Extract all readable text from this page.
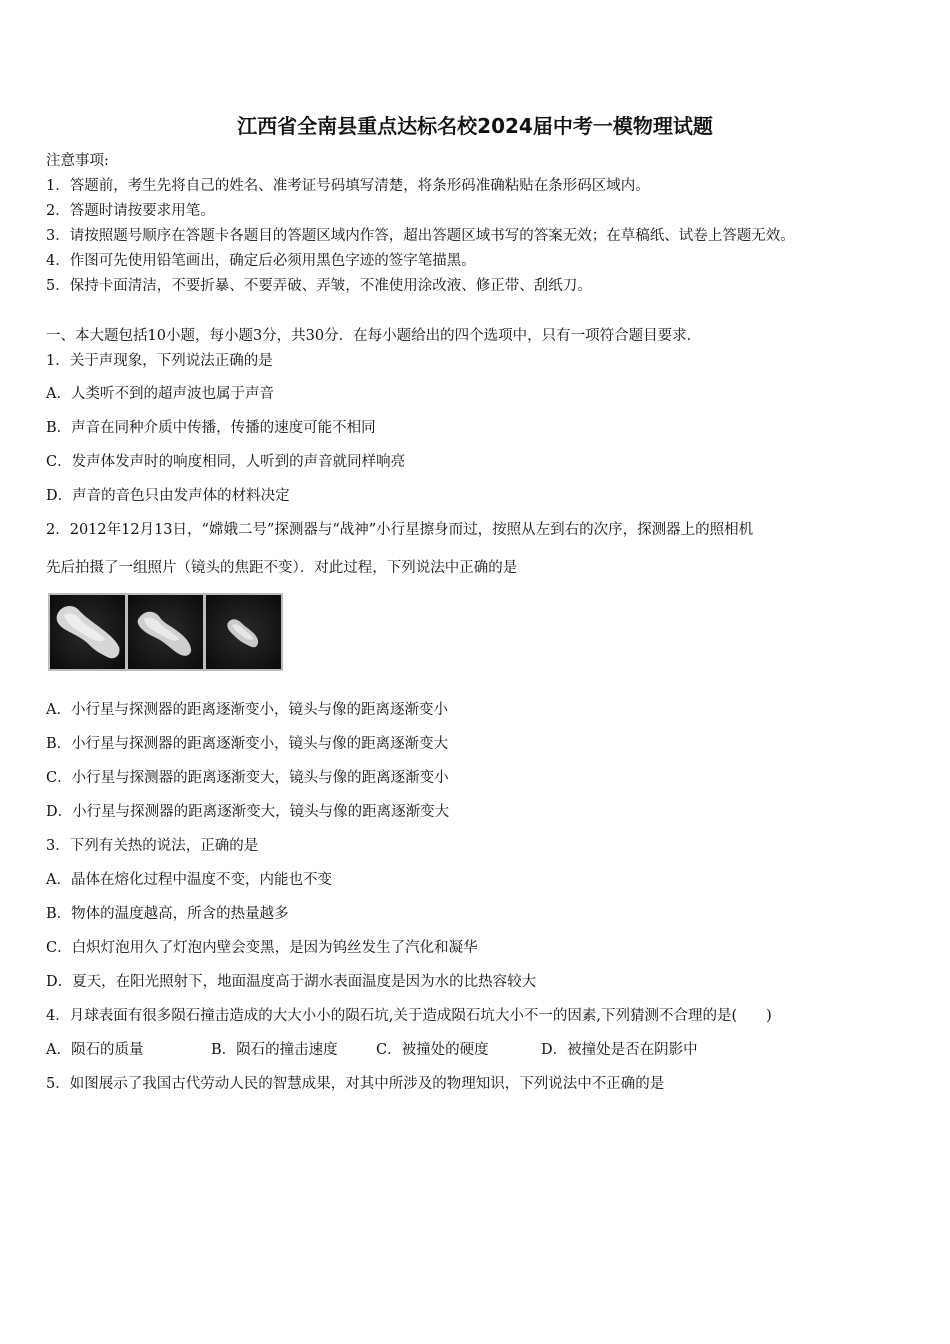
江西省全南县重点达标名校2024届中考一模物理试题
注意事项:
1．答题前，考生先将自己的姓名、准考证号码填写清楚，将条形码准确粘贴在条形码区域内。
2．答题时请按要求用笔。
3．请按照题号顺序在答题卡各题目的答题区域内作答，超出答题区域书写的答案无效；在草稿纸、试卷上答题无效。
4．作图可先使用铅笔画出，确定后必须用黑色字迹的签字笔描黑。
5．保持卡面清洁，不要折暴、不要弄破、弄皱，不准使用涂改液、修正带、刮纸刀。
一、本大题包括10小题，每小题3分，共30分．在每小题给出的四个选项中，只有一项符合题目要求．
1．关于声现象，下列说法正确的是
A．人类听不到的超声波也属于声音
B．声音在同种介质中传播，传播的速度可能不相同
C．发声体发声时的响度相同，人听到的声音就同样响亮
D．声音的音色只由发声体的材料决定
2．2012年12月13日，“嫦娥二号”探测器与“战神”小行星擦身而过，按照从左到右的次序，探测器上的照相机
先后拍摄了一组照片（镜头的焦距不变）．对此过程，下列说法中正确的是
A．小行星与探测器的距离逐渐变小，镜头与像的距离逐渐变小
B．小行星与探测器的距离逐渐变小，镜头与像的距离逐渐变大
C．小行星与探测器的距离逐渐变大，镜头与像的距离逐渐变小
D．小行星与探测器的距离逐渐变大，镜头与像的距离逐渐变大
3．下列有关热的说法，正确的是
A．晶体在熔化过程中温度不变，内能也不变
B．物体的温度越高，所含的热量越多
C．白炽灯泡用久了灯泡内壁会变黑，是因为钨丝发生了汽化和凝华
D．夏天，在阳光照射下，地面温度高于湖水表面温度是因为水的比热容较大
4．月球表面有很多陨石撞击造成的大大小小的陨石坑,关于造成陨石坑大小不一的因素,下列猜测不合理的是(　　)
A．陨石的质量	B．陨石的撞击速度	C．被撞处的硬度	D．被撞处是否在阴影中
5．如图展示了我国古代劳动人民的智慧成果，对其中所涉及的物理知识，下列说法中不正确的是
